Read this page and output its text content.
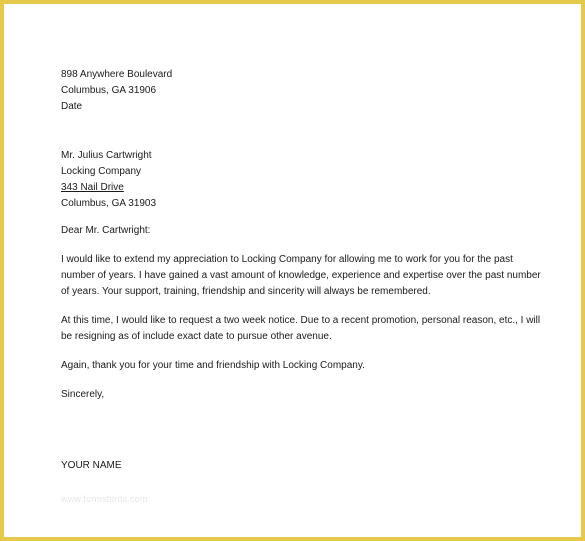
898 Anywhere Boulevard
Columbus, GA 31906
Date
Mr. Julius Cartwright
Locking Company
343 Nail Drive
Columbus, GA 31903
Dear Mr. Cartwright:
I would like to extend my appreciation to Locking Company for allowing me to work for you for the past number of years. I have gained a vast amount of knowledge, experience and expertise over the past number of years. Your support, training, friendship and sincerity will always be remembered.
At this time, I would like to request a two week notice. Due to a recent promotion, personal reason, etc., I will be resigning as of include exact date to pursue other avenue.
Again, thank you for your time and friendship with Locking Company.
Sincerely,
YOUR NAME
www.formsbirds.com
